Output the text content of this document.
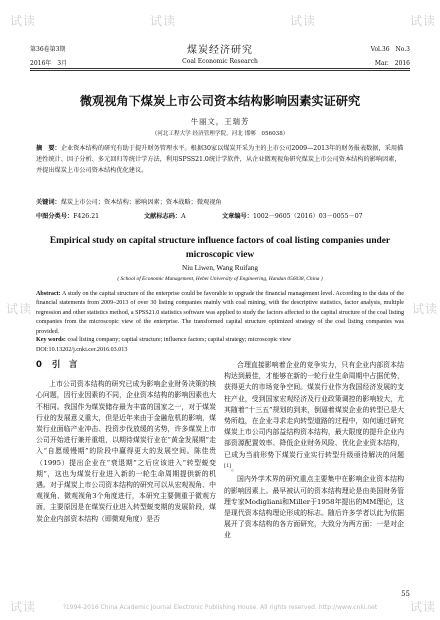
试读	试读	试读	试读
试读	试读
试读	试读
第36卷第3期	煤炭经济研究	Vol.36　No.3
2016年　3月	Coal Economic Research	Mar.　2016
微观视角下煤炭上市公司资本结构影响因素实证研究
牛丽文，王瑞芳
（河北工程大学 经济管理学院，河北 邯郸　056038）
摘　要：企业资本结构的研究有助于提升财务管理水平。根据30家以煤炭开采为主的上市公司2009—2013年的财务报表数据，采用描述性统计、因子分析、多元回归等统计学方法，利用SPSS21.0统计学软件，从企业微观视角研究煤炭上市公司资本结构的影响因素，并提出煤炭上市公司资本结构优化建议。
关键词：煤炭上市公司；资本结构；影响因素；资本战略；微观视角
中图分类号：F426.21	文献标志码：A	文章编号：1002－9605（2016）03－0055－07
Empirical study on capital structure influence factors of coal listing companies under microscopic view
Niu Liwen, Wang Ruifang
( School of Economic Management, Hebei University of Engineering, Handan 056038, China )
Abstract: A study on the capital structure of the enterprise could be favorable to upgrade the financial management level. According to the data of the financial statements from 2009–2013 of over 30 listing companies mainly with coal mining, with the descriptive statistics, factor analysis, multiple regression and other statistics method, a SPSS21.0 statistics software was applied to study the factors affected to the capital structure of the coal listing companies from the microscopic view of the enterprise. The transformed capital structure optimized strategy of the coal listing companies was provided.
Key words: coal listing company; capital structure; influence factors; capital strategy; microscopic view
DOI:10.13202/j.cnki.cer.2016.03.013
0 引　言
上市公司资本结构的研究已成为影响企业财务决策的核心问题，因行业因素的不同，企业资本结构的影响因素也大不相同。我国作为煤炭储存最为丰富的国家之一，对于煤炭行业的发展意义重大，但是近年来由于金融危机的影响，煤炭行业面临产业冲击、投资步伐放缓的劣势，许多煤炭上市公司开始进行兼并重组，以期待煤炭行业在“黄金发展期”走入“自愿缓慢期”的阶段中赢得更大的发展空间。陈佳贵（1995）提出企业在“衰退期”之后应该进入“转型蜕变期”，这也为煤炭行业进入新的一轮生命周期提供新的机遇。对于煤炭上市公司资本结构的研究可以从宏观视角、中观视角、微观视角3个角度进行，本研究主要侧重于微观方面，主要原因是在煤炭行业进入转型蜕变期的发展阶段，煤炭企业内部资本结构（即微观角度）是否
合理直接影响着企业的竞争实力，只有企业内部资本结构达到最佳，才能够在新的一轮行业生命周期中占据优势，获得更大的市场竞争空间。煤炭行业作为我国经济发展的支柱产业，受到国家宏观经济及行业政策调控的影响较大，尤其随着“十三五”规划的到来，倒逼着煤炭企业的转型已是大势所趋，在企业寻求走向转型道路的过程中，如何通过研究煤炭上市公司内部益结构资本结构，最大限度的提升企业内部资源配置效率、降低企业财务风险、优化企业资本结构，已成为当前形势下煤炭行业实行转型升级亟待解决的问题[1]。
国内外学术界的研究重点主要集中在影响企业资本结构的影响因素上。最早被认可的资本结构理论是由美国财务管理专家Modigliani和Miller于1958年提出的MM理论，这是现代资本结构理论形成的标志。随后许多学者以此为依据展开了资本结构的各方面研究，大致分为两方面：一是对企业
55
?1994-2016 China Academic Journal Electronic Publishing House. All rights reserved. http://www.cnki.net
